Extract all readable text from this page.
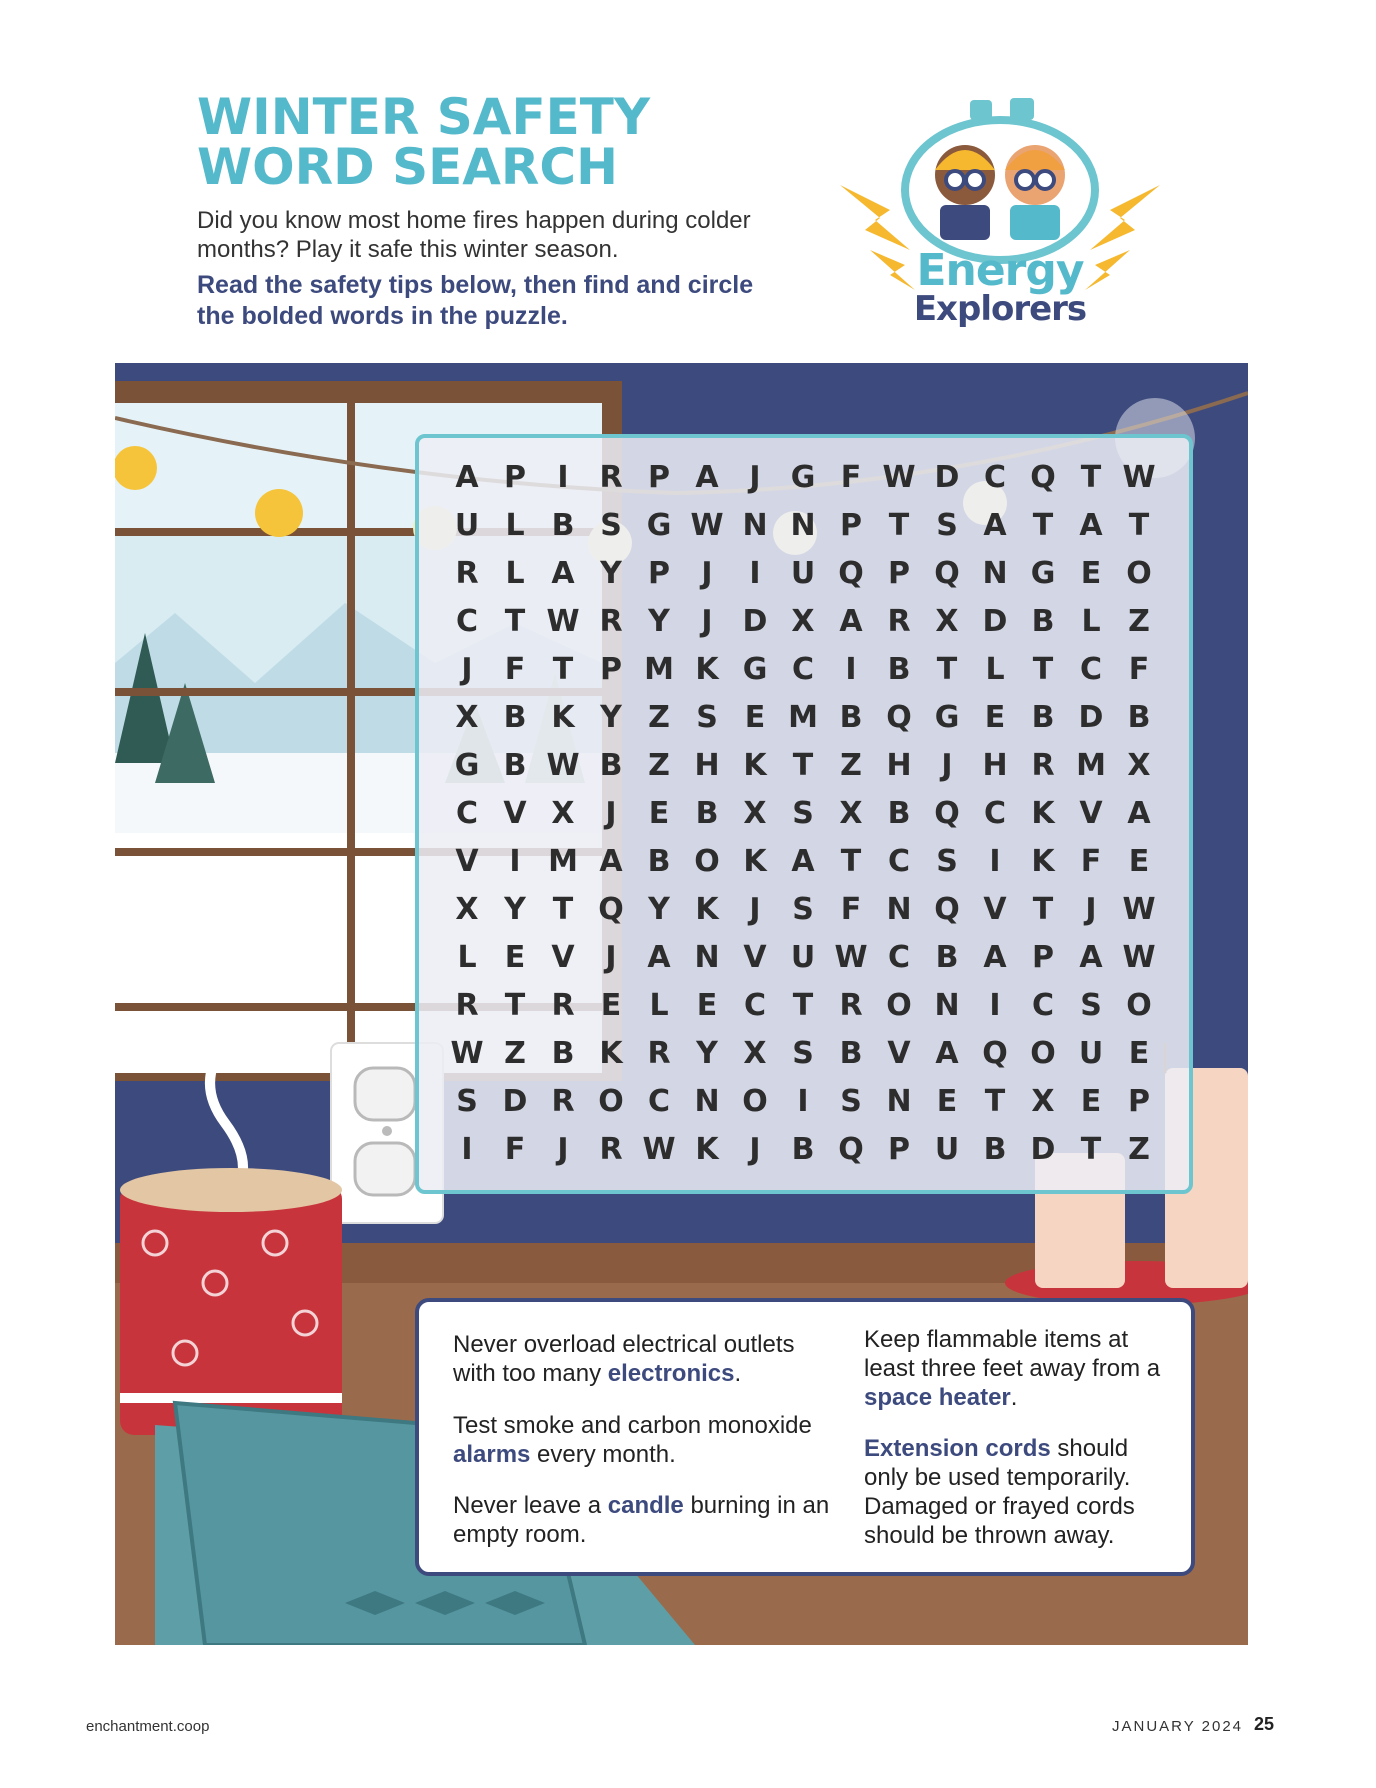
WINTER SAFETY
WORD SEARCH
Did you know most home fires happen during colder months? Play it safe this winter season.
Read the safety tips below, then find and circle the bolded words in the puzzle.
Energy
Explorers
A P	I	R P A	J	G F W D C Q T W
U L B S G W N N P T S A T A T
R L A Y P	J	I	U Q P Q N G E O
C T W R Y	J D X A R X D B L Z
J	F T P M K G C	I	B T L T C F
X B K Y Z S E M B Q G E B D B
G B W B Z H K T Z H J H R M X
C V X	J	E B X S X B Q C K V A
V	I M A B O K A T C S	I	K F E
X Y T Q Y K	J	S F N Q V T	J W
L E V	J	A N V U W C B A P A W
R T R E L E C T R O N I	C S O
W Z B K R Y X S B V A Q O U E
S D R O C N O I	S N E T X E P
I	F	J	R W K	J	B Q P U B D T Z
Never overload electrical outlets with too many electronics.
Test smoke and carbon monoxide alarms every month.
Never leave a candle burning in an empty room.
Keep flammable items at least three feet away from a space heater.
Extension cords should only be used temporarily. Damaged or frayed cords should be thrown away.
enchantment.coop	JANUARY 2024 25
